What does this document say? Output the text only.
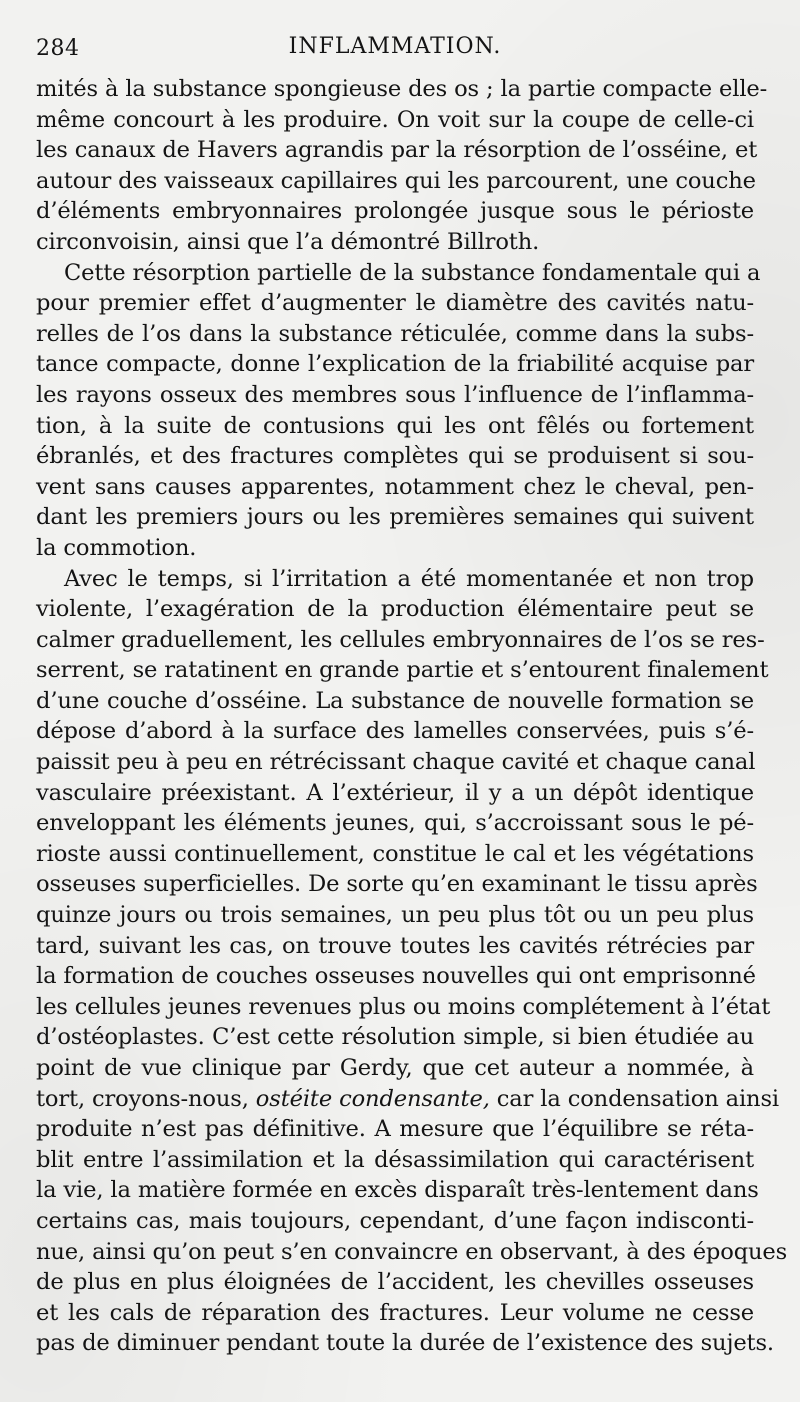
284	INFLAMMATION.
mités à la substance spongieuse des os ; la partie compacte elle-
même concourt à les produire. On voit sur la coupe de celle-ci
les canaux de Havers agrandis par la résorption de l’osséine, et
autour des vaisseaux capillaires qui les parcourent, une couche
d’éléments embryonnaires prolongée jusque sous le périoste
circonvoisin, ainsi que l’a démontré Billroth.
Cette résorption partielle de la substance fondamentale qui a
pour premier effet d’augmenter le diamètre des cavités natu-
relles de l’os dans la substance réticulée, comme dans la subs-
tance compacte, donne l’explication de la friabilité acquise par
les rayons osseux des membres sous l’influence de l’inflamma-
tion, à la suite de contusions qui les ont fêlés ou fortement
ébranlés, et des fractures complètes qui se produisent si sou-
vent sans causes apparentes, notamment chez le cheval, pen-
dant les premiers jours ou les premières semaines qui suivent
la commotion.
Avec le temps, si l’irritation a été momentanée et non trop
violente, l’exagération de la production élémentaire peut se
calmer graduellement, les cellules embryonnaires de l’os se res-
serrent, se ratatinent en grande partie et s’entourent finalement
d’une couche d’osséine. La substance de nouvelle formation se
dépose d’abord à la surface des lamelles conservées, puis s’é-
paissit peu à peu en rétrécissant chaque cavité et chaque canal
vasculaire préexistant. A l’extérieur, il y a un dépôt identique
enveloppant les éléments jeunes, qui, s’accroissant sous le pé-
rioste aussi continuellement, constitue le cal et les végétations
osseuses superficielles. De sorte qu’en examinant le tissu après
quinze jours ou trois semaines, un peu plus tôt ou un peu plus
tard, suivant les cas, on trouve toutes les cavités rétrécies par
la formation de couches osseuses nouvelles qui ont emprisonné
les cellules jeunes revenues plus ou moins complétement à l’état
d’ostéoplastes. C’est cette résolution simple, si bien étudiée au
point de vue clinique par Gerdy, que cet auteur a nommée, à
tort, croyons-nous, ostéite condensante, car la condensation ainsi
produite n’est pas définitive. A mesure que l’équilibre se réta-
blit entre l’assimilation et la désassimilation qui caractérisent
la vie, la matière formée en excès disparaît très-lentement dans
certains cas, mais toujours, cependant, d’une façon indisconti-
nue, ainsi qu’on peut s’en convaincre en observant, à des époques
de plus en plus éloignées de l’accident, les chevilles osseuses
et les cals de réparation des fractures. Leur volume ne cesse
pas de diminuer pendant toute la durée de l’existence des sujets.
